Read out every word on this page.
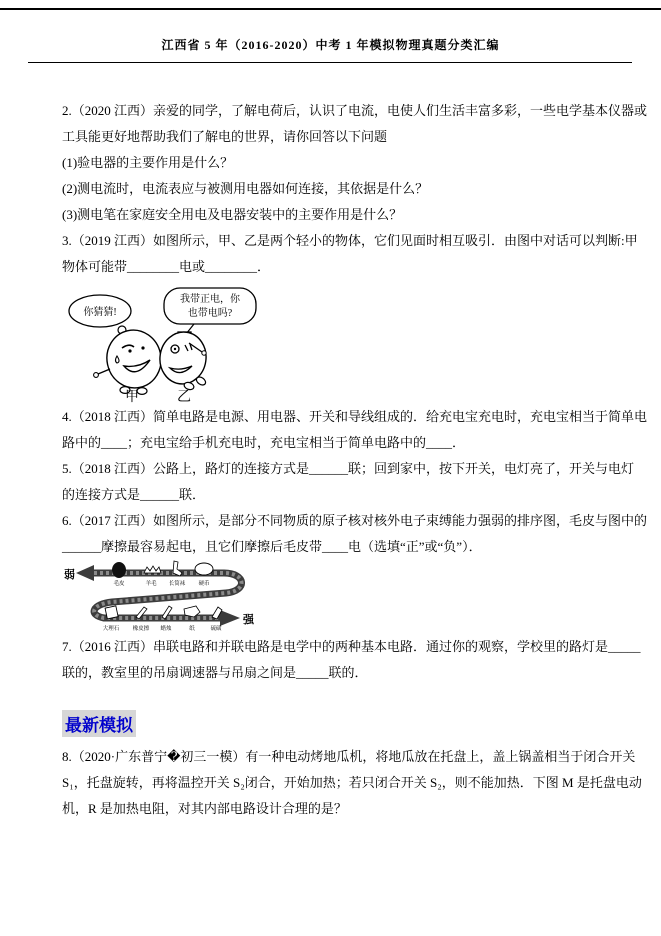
江西省 5 年（2016-2020）中考 1 年模拟物理真题分类汇编
2.（2020 江西）亲爱的同学，了解电荷后，认识了电流，电使人们生活丰富多彩，一些电学基本仪器或
工具能更好地帮助我们了解电的世界，请你回答以下问题
(1)验电器的主要作用是什么？
(2)测电流时，电流表应与被测用电器如何连接，其依据是什么？
(3)测电笔在家庭安全用电及电器安装中的主要作用是什么？
3.（2019 江西）如图所示，甲、乙是两个轻小的物体，它们见面时相互吸引．由图中对话可以判断:甲
物体可能带________电或________．
你猜猜!
我带正电，你
也带电吗?
甲	乙
4.（2018 江西）简单电路是电源、用电器、开关和导线组成的．给充电宝充电时，充电宝相当于简单电
路中的____；充电宝给手机充电时，充电宝相当于简单电路中的____．
5.（2018 江西）公路上，路灯的连接方式是______联；回到家中，按下开关，电灯亮了，开关与电灯
的连接方式是______联．
6.（2017 江西）如图所示，是部分不同物质的原子核对核外电子束缚能力强弱的排序图，毛皮与图中的
______摩擦最容易起电，且它们摩擦后毛皮带____电（选填“正”或“负”）．
弱
强
毛皮	羊毛 长筒袜 硬币
大理石 橡皮擦 蜡烛	纸	硫磺
7.（2016 江西）串联电路和并联电路是电学中的两种基本电路．通过你的观察，学校里的路灯是_____
联的，教室里的吊扇调速器与吊扇之间是_____联的．
最新模拟
8.（2020·广东普宁�初三一模）有一种电动烤地瓜机，将地瓜放在托盘上，盖上锅盖相当于闭合开关
S₁，托盘旋转，再将温控开关 S₂闭合，开始加热；若只闭合开关 S₂，则不能加热．下图 M 是托盘电动
机，R 是加热电阻，对其内部电路设计合理的是？
